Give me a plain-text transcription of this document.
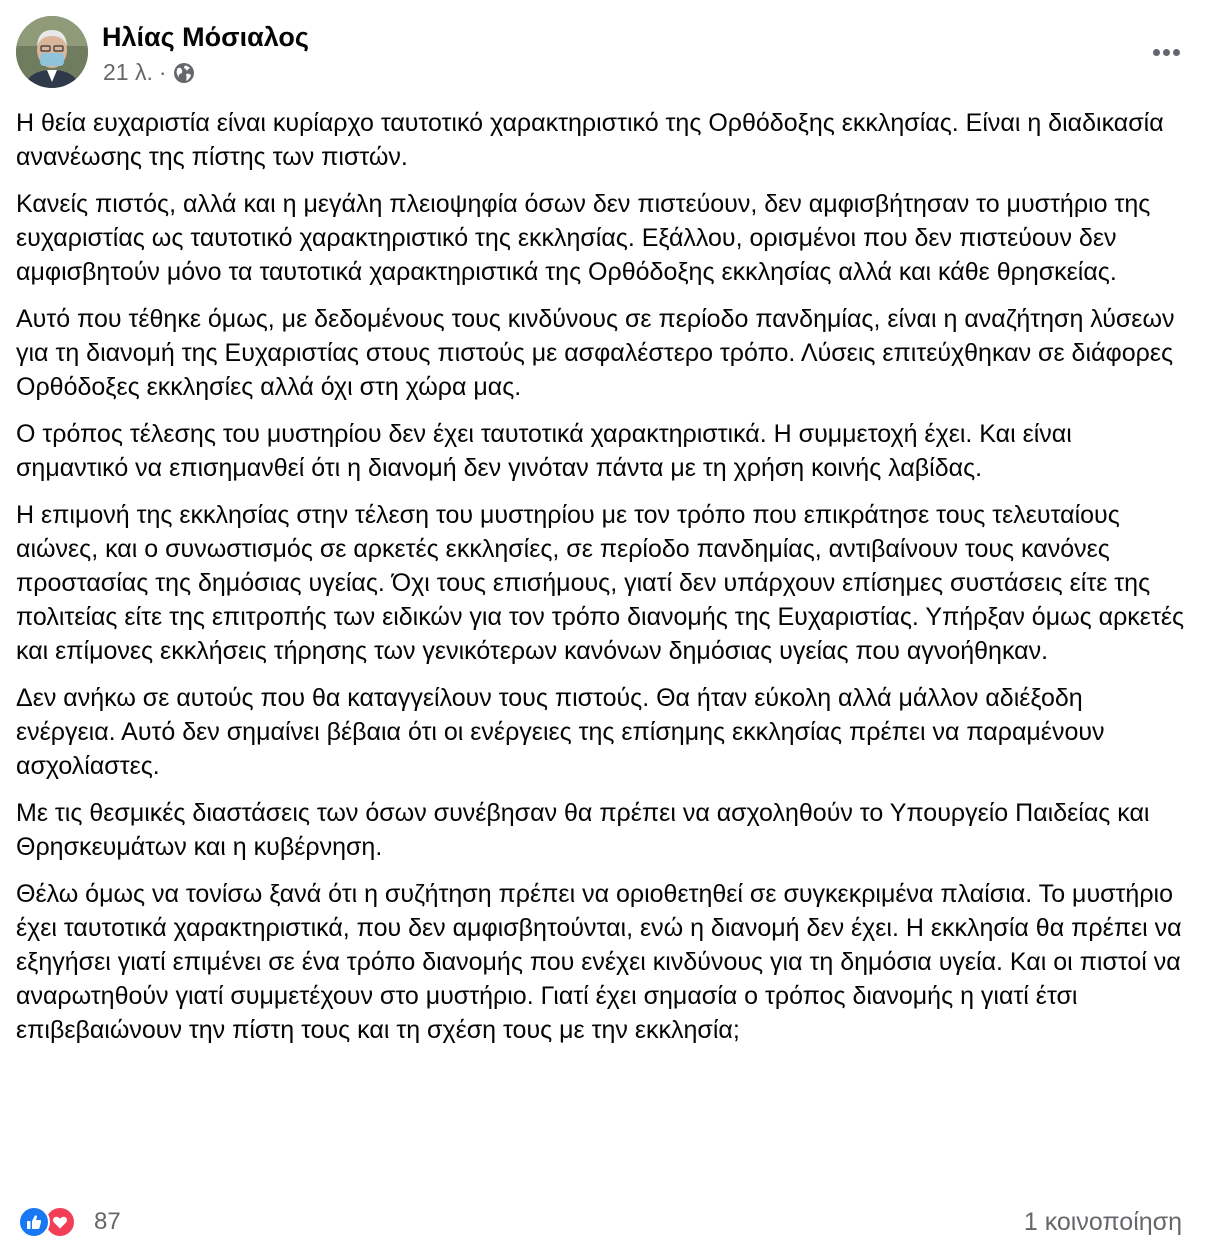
Ηλίας Μόσιαλος
21 λ. ·

Η θεία ευχαριστία είναι κυρίαρχο ταυτοτικό χαρακτηριστικό της Ορθόδοξης εκκλησίας. Είναι η διαδικασία ανανέωσης της πίστης των πιστών.

Κανείς πιστός, αλλά και η μεγάλη πλειοψηφία όσων δεν πιστεύουν, δεν αμφισβήτησαν το μυστήριο της ευχαριστίας ως ταυτοτικό χαρακτηριστικό της εκκλησίας. Εξάλλου, ορισμένοι που δεν πιστεύουν δεν αμφισβητούν μόνο τα ταυτοτικά χαρακτηριστικά της Ορθόδοξης εκκλησίας αλλά και κάθε θρησκείας.

Αυτό που τέθηκε όμως, με δεδομένους τους κινδύνους σε περίοδο πανδημίας, είναι η αναζήτηση λύσεων για τη διανομή της Ευχαριστίας στους πιστούς με ασφαλέστερο τρόπο. Λύσεις επιτεύχθηκαν σε διάφορες Ορθόδοξες εκκλησίες αλλά όχι στη χώρα μας.

Ο τρόπος τέλεσης του μυστηρίου δεν έχει ταυτοτικά χαρακτηριστικά. Η συμμετοχή έχει. Και είναι σημαντικό να επισημανθεί ότι η διανομή δεν γινόταν πάντα με τη χρήση κοινής λαβίδας.

Η επιμονή της εκκλησίας στην τέλεση του μυστηρίου με τον τρόπο που επικράτησε τους τελευταίους αιώνες, και ο συνωστισμός σε αρκετές εκκλησίες, σε περίοδο πανδημίας, αντιβαίνουν τους κανόνες προστασίας της δημόσιας υγείας. Όχι τους επισήμους, γιατί δεν υπάρχουν επίσημες συστάσεις είτε της πολιτείας είτε της επιτροπής των ειδικών για τον τρόπο διανομής της Ευχαριστίας. Υπήρξαν όμως αρκετές και επίμονες εκκλήσεις τήρησης των γενικότερων κανόνων δημόσιας υγείας που αγνοήθηκαν.

Δεν ανήκω σε αυτούς που θα καταγγείλουν τους πιστούς. Θα ήταν εύκολη αλλά μάλλον αδιέξοδη ενέργεια. Αυτό δεν σημαίνει βέβαια ότι οι ενέργειες της επίσημης εκκλησίας πρέπει να παραμένουν ασχολίαστες.

Με τις θεσμικές διαστάσεις των όσων συνέβησαν θα πρέπει να ασχοληθούν το Υπουργείο Παιδείας και Θρησκευμάτων και η κυβέρνηση.

Θέλω όμως να τονίσω ξανά ότι η συζήτηση πρέπει να οριοθετηθεί σε συγκεκριμένα πλαίσια. Το μυστήριο έχει ταυτοτικά χαρακτηριστικά, που δεν αμφισβητούνται, ενώ η διανομή δεν έχει. Η εκκλησία θα πρέπει να εξηγήσει γιατί επιμένει σε ένα τρόπο διανομής που ενέχει κινδύνους για τη δημόσια υγεία. Και οι πιστοί να αναρωτηθούν γιατί συμμετέχουν στο μυστήριο. Γιατί έχει σημασία ο τρόπος διανομής η γιατί έτσι επιβεβαιώνουν την πίστη τους και τη σχέση τους με την εκκλησία;

87	1 κοινοποίηση
